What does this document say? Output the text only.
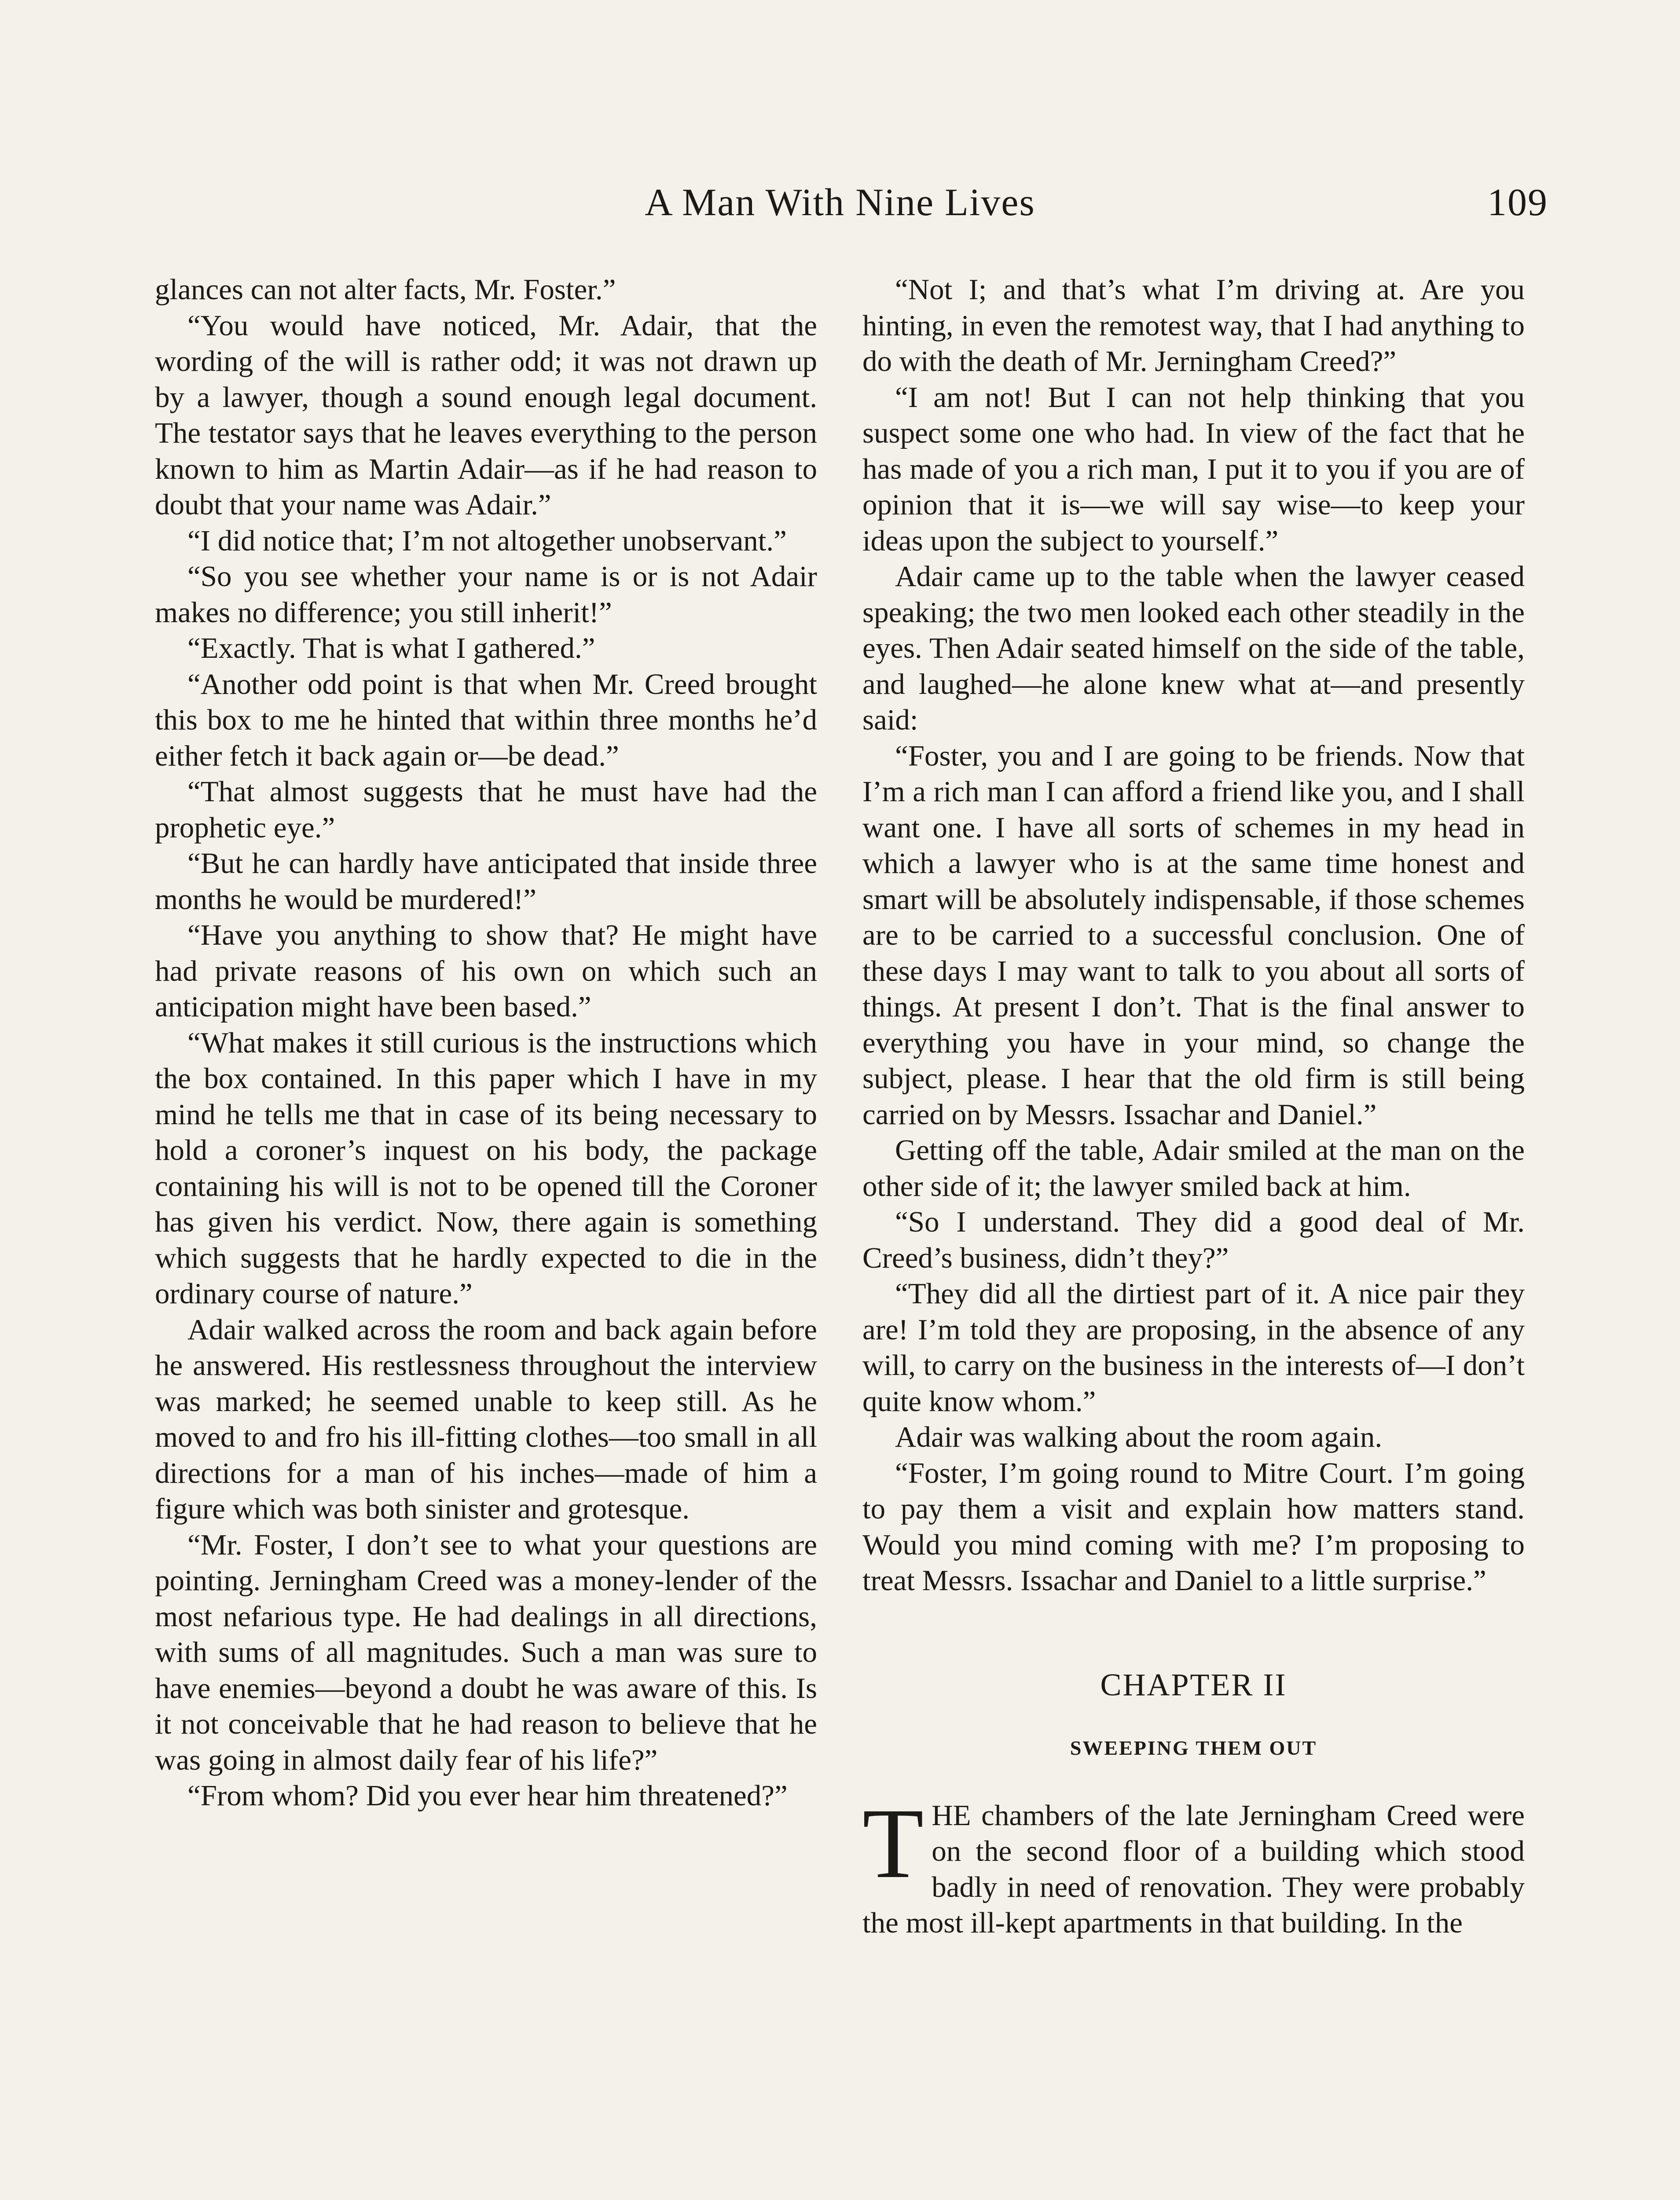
A Man With Nine Lives	109

glances can not alter facts, Mr. Foster.”

“You would have noticed, Mr. Adair, that the wording of the will is rather odd; it was not drawn up by a lawyer, though a sound enough legal document. The testator says that he leaves everything to the person known to him as Martin Adair—as if he had reason to doubt that your name was Adair.”

“I did notice that; I’m not altogether unobservant.”

“So you see whether your name is or is not Adair makes no difference; you still inherit!”

“Exactly. That is what I gathered.”

“Another odd point is that when Mr. Creed brought this box to me he hinted that within three months he’d either fetch it back again or—be dead.”

“That almost suggests that he must have had the prophetic eye.”

“But he can hardly have anticipated that inside three months he would be murdered!”

“Have you anything to show that? He might have had private reasons of his own on which such an anticipation might have been based.”

“What makes it still curious is the instructions which the box contained. In this paper which I have in my mind he tells me that in case of its being necessary to hold a coroner’s inquest on his body, the package containing his will is not to be opened till the Coroner has given his verdict. Now, there again is something which suggests that he hardly expected to die in the ordinary course of nature.”

Adair walked across the room and back again before he answered. His restlessness throughout the interview was marked; he seemed unable to keep still. As he moved to and fro his ill-fitting clothes—too small in all directions for a man of his inches—made of him a figure which was both sinister and grotesque.

“Mr. Foster, I don’t see to what your questions are pointing. Jerningham Creed was a money-lender of the most nefarious type. He had dealings in all directions, with sums of all magnitudes. Such a man was sure to have enemies—beyond a doubt he was aware of this. Is it not conceivable that he had reason to believe that he was going in almost daily fear of his life?”

“From whom? Did you ever hear him threatened?”

“Not I; and that’s what I’m driving at. Are you hinting, in even the remotest way, that I had anything to do with the death of Mr. Jerningham Creed?”

“I am not! But I can not help thinking that you suspect some one who had. In view of the fact that he has made of you a rich man, I put it to you if you are of opinion that it is—we will say wise—to keep your ideas upon the subject to yourself.”

Adair came up to the table when the lawyer ceased speaking; the two men looked each other steadily in the eyes. Then Adair seated himself on the side of the table, and laughed—he alone knew what at—and presently said:

“Foster, you and I are going to be friends. Now that I’m a rich man I can afford a friend like you, and I shall want one. I have all sorts of schemes in my head in which a lawyer who is at the same time honest and smart will be absolutely indispensable, if those schemes are to be carried to a successful conclusion. One of these days I may want to talk to you about all sorts of things. At present I don’t. That is the final answer to everything you have in your mind, so change the subject, please. I hear that the old firm is still being carried on by Messrs. Issachar and Daniel.”

Getting off the table, Adair smiled at the man on the other side of it; the lawyer smiled back at him.

“So I understand. They did a good deal of Mr. Creed’s business, didn’t they?”

“They did all the dirtiest part of it. A nice pair they are! I’m told they are proposing, in the absence of any will, to carry on the business in the interests of—I don’t quite know whom.”

Adair was walking about the room again.

“Foster, I’m going round to Mitre Court. I’m going to pay them a visit and explain how matters stand. Would you mind coming with me? I’m proposing to treat Messrs. Issachar and Daniel to a little surprise.”

CHAPTER II

SWEEPING THEM OUT

THE chambers of the late Jerningham Creed were on the second floor of a building which stood badly in need of renovation. They were probably the most ill-kept apartments in that building. In the
